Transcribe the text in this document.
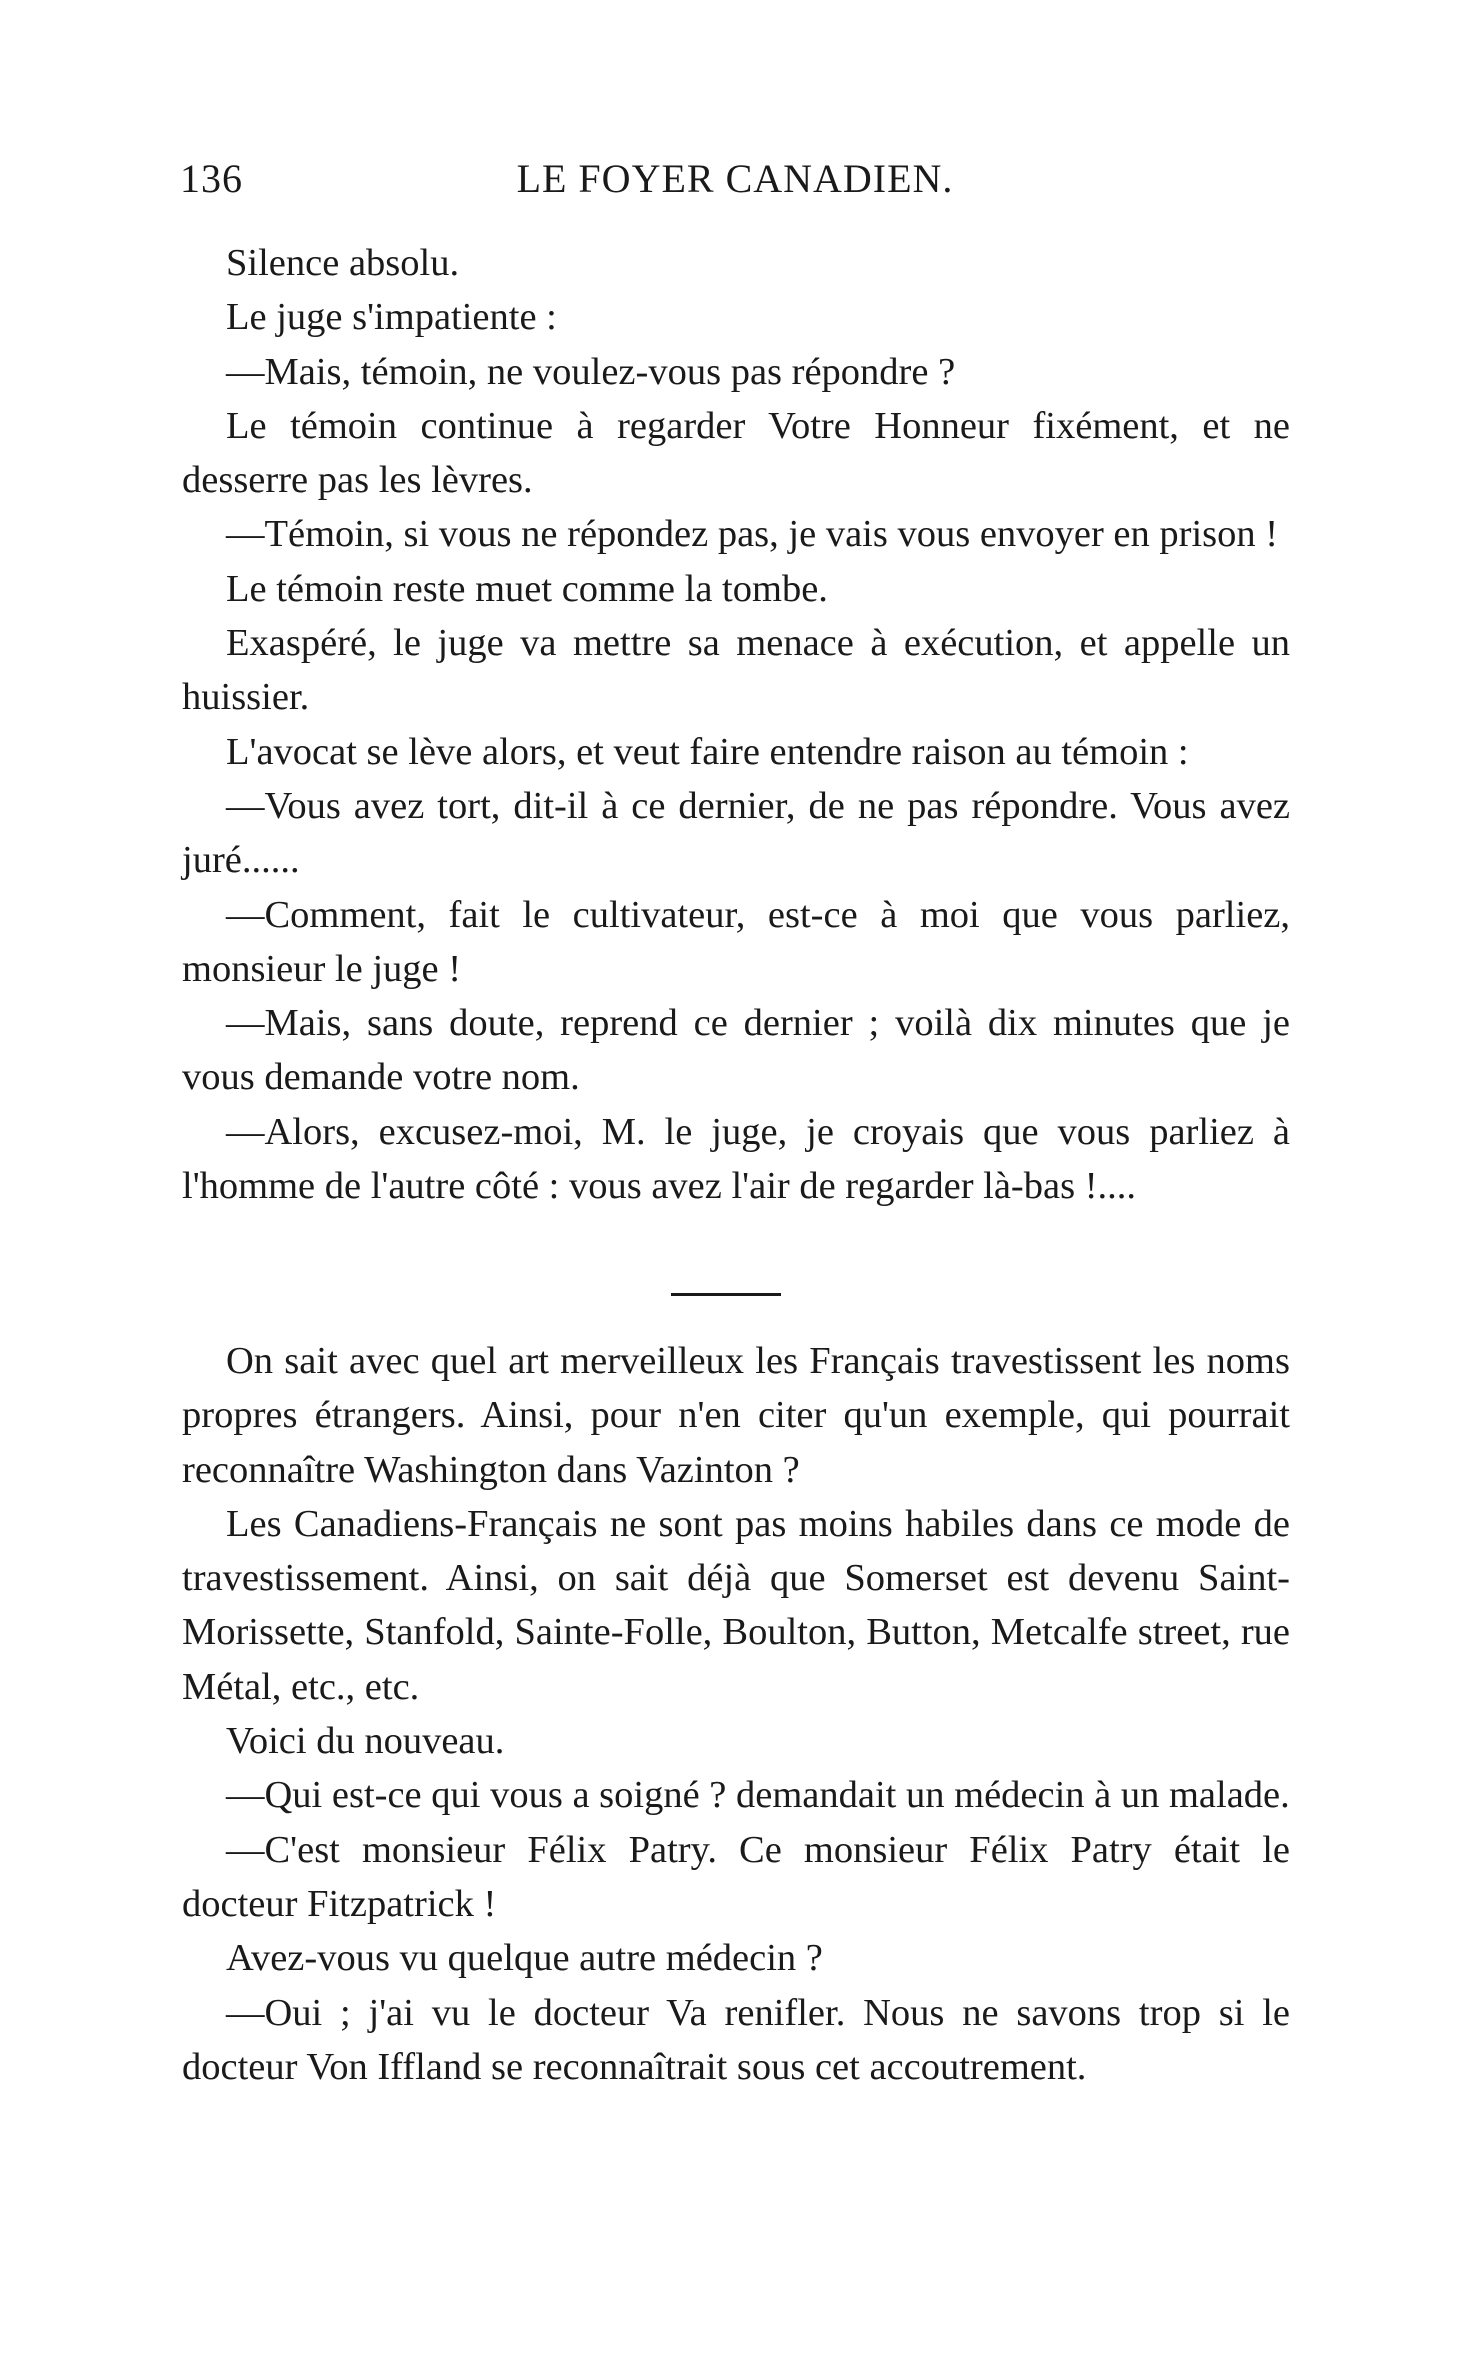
136	LE FOYER CANADIEN.

Silence absolu.

Le juge s'impatiente :

—Mais, témoin, ne voulez-vous pas répondre ?

Le témoin continue à regarder Votre Honneur fixément, et ne desserre pas les lèvres.

—Témoin, si vous ne répondez pas, je vais vous envoyer en prison !

Le témoin reste muet comme la tombe.

Exaspéré, le juge va mettre sa menace à exécution, et appelle un huissier.

L'avocat se lève alors, et veut faire entendre raison au témoin :

—Vous avez tort, dit-il à ce dernier, de ne pas répondre. Vous avez juré......

—Comment, fait le cultivateur, est-ce à moi que vous parliez, monsieur le juge !

—Mais, sans doute, reprend ce dernier ; voilà dix minutes que je vous demande votre nom.

—Alors, excusez-moi, M. le juge, je croyais que vous parliez à l'homme de l'autre côté : vous avez l'air de regarder là-bas !....

On sait avec quel art merveilleux les Français travestissent les noms propres étrangers. Ainsi, pour n'en citer qu'un exemple, qui pourrait reconnaître Washington dans Vazinton ?

Les Canadiens-Français ne sont pas moins habiles dans ce mode de travestissement. Ainsi, on sait déjà que Somerset est devenu Saint-Morissette, Stanfold, Sainte-Folle, Boulton, Button, Metcalfe street, rue Métal, etc., etc.

Voici du nouveau.

—Qui est-ce qui vous a soigné ? demandait un médecin à un malade.

—C'est monsieur Félix Patry. Ce monsieur Félix Patry était le docteur Fitzpatrick !

Avez-vous vu quelque autre médecin ?

—Oui ; j'ai vu le docteur Va renifler. Nous ne savons trop si le docteur Von Iffland se reconnaîtrait sous cet accoutrement.
